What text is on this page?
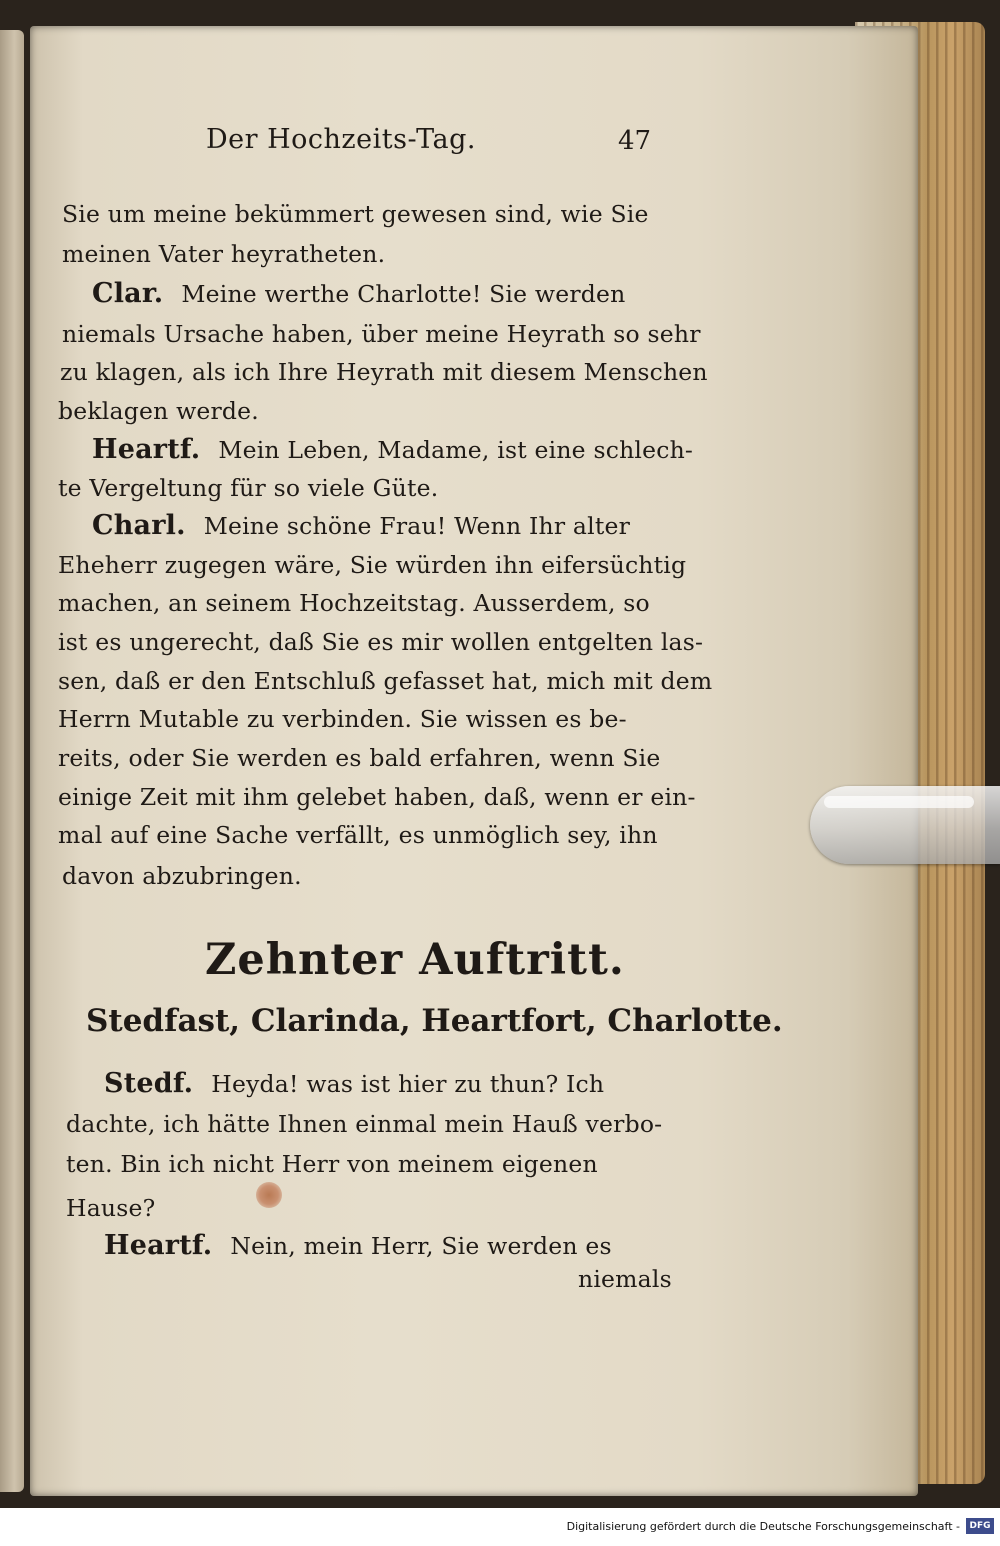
Der Hochzeits-Tag.	47
Sie um meine bekümmert gewesen sind, wie Sie
meinen Vater heyratheten.
Clar. Meine werthe Charlotte! Sie werden
niemals Ursache haben, über meine Heyrath so sehr
zu klagen, als ich Ihre Heyrath mit diesem Menschen
beklagen werde.
Heartf. Mein Leben, Madame, ist eine schlech-
te Vergeltung für so viele Güte.
Charl. Meine schöne Frau! Wenn Ihr alter
Eheherr zugegen wäre, Sie würden ihn eifersüchtig
machen, an seinem Hochzeitstag. Ausserdem, so
ist es ungerecht, daß Sie es mir wollen entgelten las-
sen, daß er den Entschluß gefasset hat, mich mit dem
Herrn Mutable zu verbinden. Sie wissen es be-
reits, oder Sie werden es bald erfahren, wenn Sie
einige Zeit mit ihm gelebet haben, daß, wenn er ein-
mal auf eine Sache verfällt, es unmöglich sey, ihn
davon abzubringen.
Zehnter Auftritt.
Stedfast, Clarinda, Heartfort, Charlotte.
Stedf. Heyda! was ist hier zu thun? Ich
dachte, ich hätte Ihnen einmal mein Hauß verbo-
ten. Bin ich nicht Herr von meinem eigenen
Hause?
Heartf. Nein, mein Herr, Sie werden es
niemals
Digitalisierung gefördert durch die Deutsche Forschungsgemeinschaft -	DFG
